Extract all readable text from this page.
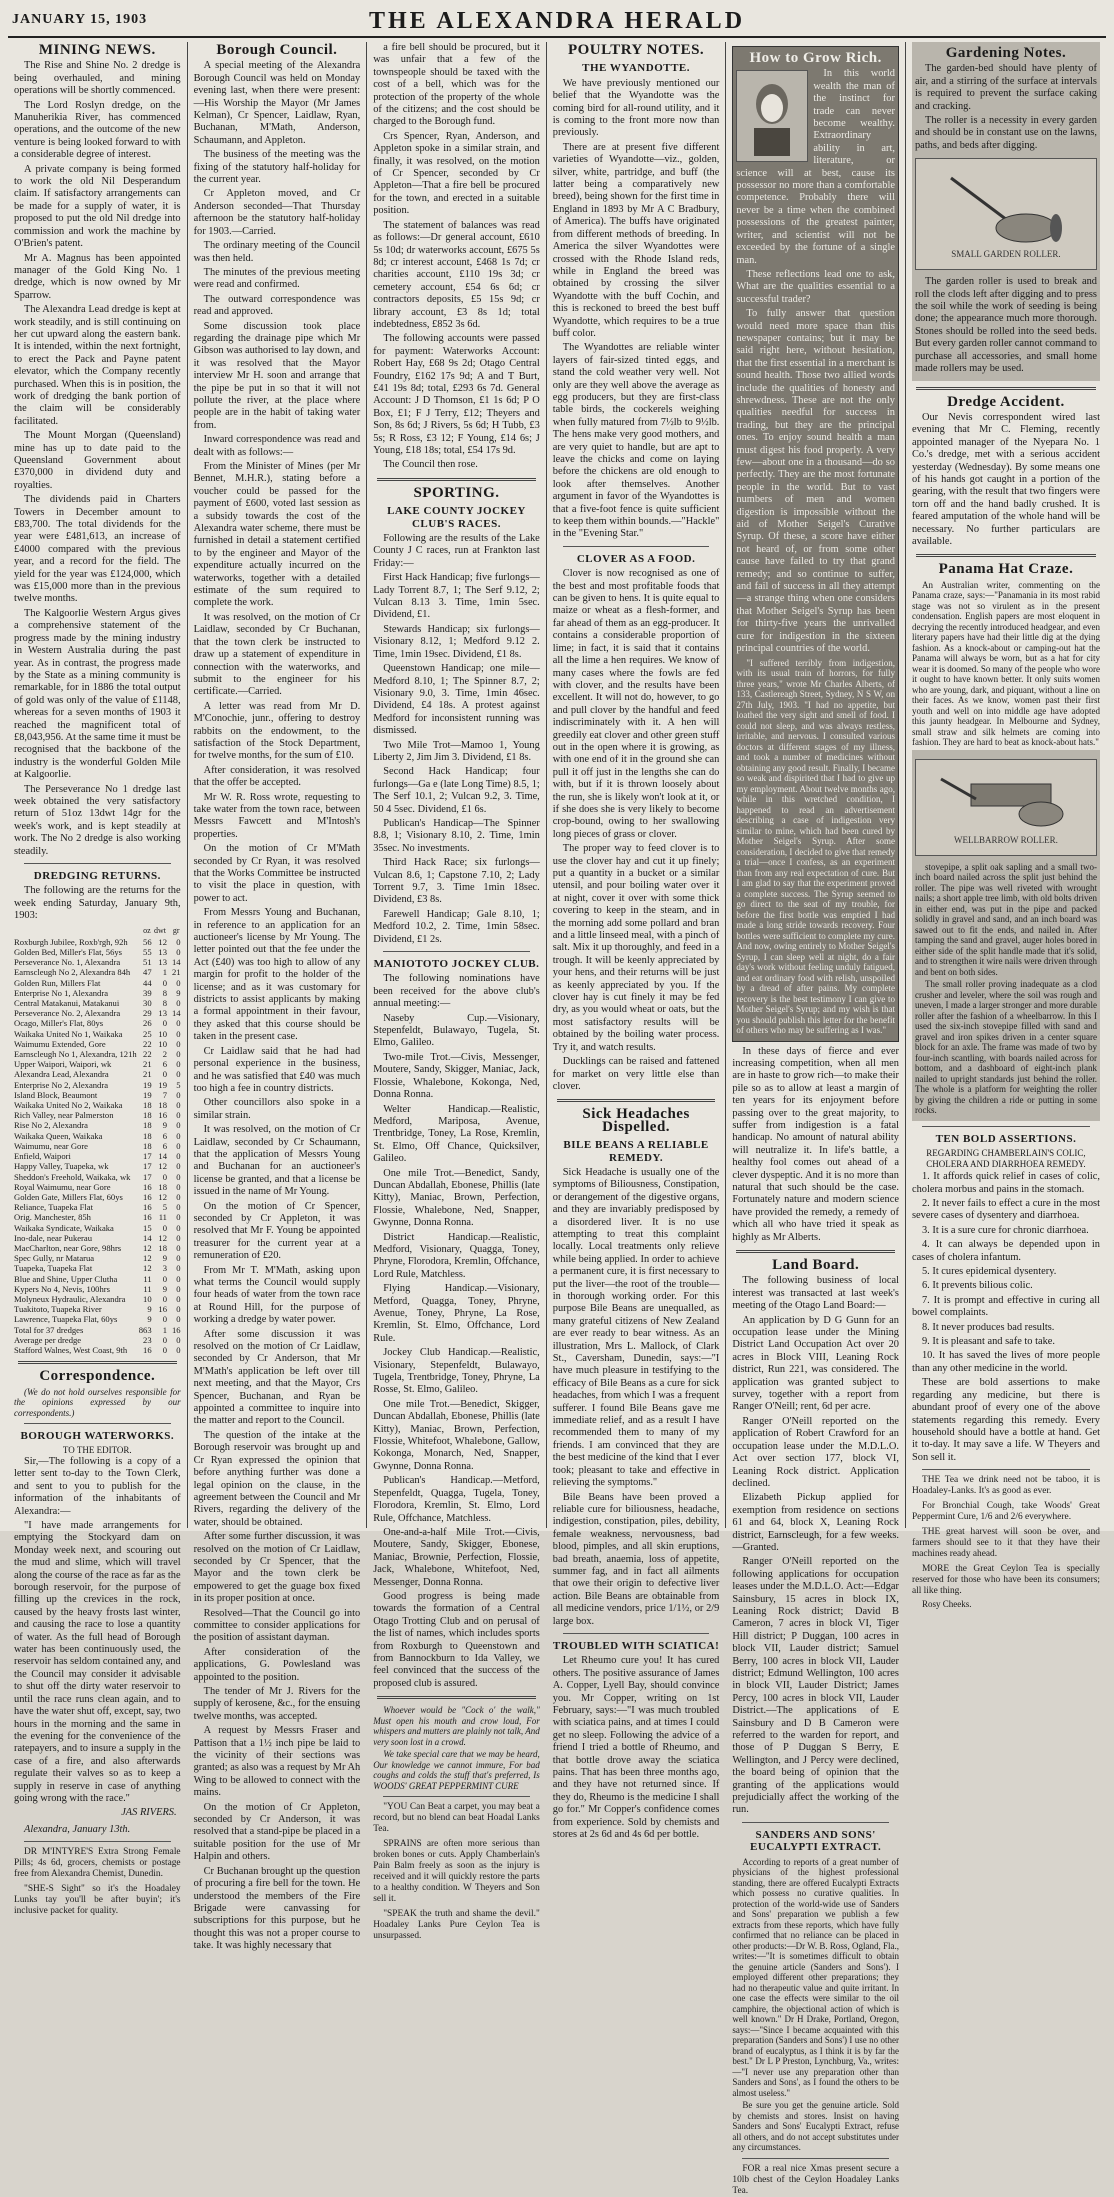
JANUARY 15, 1903	THE ALEXANDRA HERALD
MINING NEWS.

The Rise and Shine No. 2 dredge is being overhauled, and mining operations will be shortly commenced.

The Lord Roslyn dredge, on the Manuherikia River, has commenced operations, and the outcome of the new venture is being looked forward to with a considerable degree of interest.

A private company is being formed to work the old Nil Desperandum claim. If satisfactory arrangements can be made for a supply of water, it is proposed to put the old Nil dredge into commission and work the machine by O'Brien's patent.

Mr A. Magnus has been appointed manager of the Gold King No. 1 dredge, which is now owned by Mr Sparrow.

The Alexandra Lead dredge is kept at work steadily, and is still continuing on her cut upward along the eastern bank. It is intended, within the next fortnight, to erect the Pack and Payne patent elevator, which the Company recently purchased. When this is in position, the work of dredging the bank portion of the claim will be considerably facilitated.

The Mount Morgan (Queensland) mine has up to date paid to the Queensland Government about £370,000 in dividend duty and royalties.

The dividends paid in Charters Towers in December amount to £83,700. The total dividends for the year were £481,613, an increase of £4000 compared with the previous year, and a record for the field. The yield for the year was £124,000, which was £15,000 more than in the previous twelve months.

The Kalgoorlie Western Argus gives a comprehensive statement of the progress made by the mining industry in Western Australia during the past year. As in contrast, the progress made by the State as a mining community is remarkable, for in 1886 the total output of gold was only of the value of £1148, whereas for a seven months of 1903 it reached the magnificent total of £8,043,956. At the same time it must be recognised that the backbone of the industry is the wonderful Golden Mile at Kalgoorlie.

The Perseverance No 1 dredge last week obtained the very satisfactory return of 51oz 13dwt 14gr for the week's work, and is kept steadily at work. The No 2 dredge is also working steadily.

DREDGING RETURNS.

The following are the returns for the week ending Saturday, January 9th, 1903:

	oz	dwt	gr
Roxburgh Jubilee, Roxb'rgh, 92h	56	12	0
Golden Bed, Miller's Flat, 56ys	55	13	0
Perseverance No. 1, Alexandra	51	13	14
Earnscleugh No 2, Alexandra 84h	47	1	21
Golden Run, Millers Flat	44	0	0
Enterprise No 1, Alexandra	39	8	9
Central Matakanui, Matakanui	30	8	0
Perseverance No. 2, Alexandra	29	13	14
Ocago, Miller's Flat, 80ys	26	0	0
Waikaka United No 1, Waikaka	25	10	0
Waimumu Extended, Gore	22	10	0
Earnscleugh No 1, Alexandra, 121h	22	2	0
Upper Waipori, Waipori, wk	21	6	0
Alexandra Lead, Alexandra	21	0	0
Enterprise No 2, Alexandra	19	19	5
Island Block, Beaumont	19	7	0
Waikaka United No 2, Waikaka	18	18	0
Rich Valley, near Palmerston	18	16	0
Rise No 2, Alexandra	18	9	0
Waikaka Queen, Waikaka	18	6	0
Waimumu, near Gore	18	6	0
Enfield, Waipori	17	14	0
Happy Valley, Tuapeka, wk	17	12	0
Sheddon's Freehold, Waikaka, wk	17	0	0
Royal Waimumu, near Gore	16	18	0
Golden Gate, Millers Flat, 60ys	16	12	0
Reliance, Tuapeka Flat	16	5	0
Orig. Manchester, 85h	16	11	0
Waikaka Syndicate, Waikaka	15	0	0
Ino-dale, near Pukerau	14	12	0
MacCharlton, near Gore, 98hrs	12	18	0
Spec Gully, nr Matarua	12	9	0
Tuapeka, Tuapeka Flat	12	3	0
Blue and Shine, Upper Clutha	11	0	0
Kypers No 4, Nevis, 100hrs	11	9	0
Molyneux Hydraulic, Alexandra	10	0	0
Tuakitoto, Tuapeka River	9	16	0
Lawrence, Tuapeka Flat, 60ys	9	0	0
Total for 37 dredges	863	1	16
Average per dredge	23	0	0
Stafford Walnes, West Coast, 9th	16	0	0
Correspondence.

(We do not hold ourselves responsible for the opinions expressed by our correspondents.)

BOROUGH WATERWORKS.
TO THE EDITOR.

Sir,—The following is a copy of a letter sent to-day to the Town Clerk, and sent to you to publish for the information of the inhabitants of Alexandra:—

"I have made arrangements for emptying the Stockyard dam on Monday week next, and scouring out the mud and slime, which will travel along the course of the race as far as the borough reservoir, for the purpose of filling up the crevices in the rock, caused by the heavy frosts last winter, and causing the race to lose a quantity of water. As the full head of Borough water has been continuously used, the reservoir has seldom contained any, and the Council may consider it advisable to shut off the dirty water reservoir to until the race runs clean again, and to have the water shut off, except, say, two hours in the morning and the same in the evening for the convenience of the ratepayers, and to insure a supply in the case of a fire, and also afterwards regulate their valves so as to keep a supply in reserve in case of anything going wrong with the race."

JAS RIVERS.

Alexandra, January 13th.

DR M'INTYRE'S Extra Strong Female Pills; 4s 6d, grocers, chemists or postage free from Alexandra Chemist, Dunedin.

"SHE-S Sight" so it's the Hoadaley Lunks tay you'll be after buyin'; it's inclusive packet for quality.

Borough Council.

A special meeting of the Alexandra Borough Council was held on Monday evening last, when there were present:—His Worship the Mayor (Mr James Kelman), Cr Spencer, Laidlaw, Ryan, Buchanan, M'Math, Anderson, Schaumann, and Appleton.

The business of the meeting was the fixing of the statutory half-holiday for the current year.

Cr Appleton moved, and Cr Anderson seconded—That Thursday afternoon be the statutory half-holiday for 1903.—Carried.

The ordinary meeting of the Council was then held.

The minutes of the previous meeting were read and confirmed.

The outward correspondence was read and approved.

Some discussion took place regarding the drainage pipe which Mr Gibson was authorised to lay down, and it was resolved that the Mayor interview Mr H. soon and arrange that the pipe be put in so that it will not pollute the river, at the place where people are in the habit of taking water from.

Inward correspondence was read and dealt with as follows:—

From the Minister of Mines (per Mr Bennet, M.H.R.), stating before a voucher could be passed for the payment of £600, voted last session as a subsidy towards the cost of the Alexandra water scheme, there must be furnished in detail a statement certified to by the engineer and Mayor of the expenditure actually incurred on the waterworks, together with a detailed estimate of the sum required to complete the work.

It was resolved, on the motion of Cr Laidlaw, seconded by Cr Buchanan, that the town clerk be instructed to draw up a statement of expenditure in connection with the waterworks, and submit to the engineer for his certificate.—Carried.

A letter was read from Mr D. M'Conochie, junr., offering to destroy rabbits on the endowment, to the satisfaction of the Stock Department, for twelve months, for the sum of £10.

After consideration, it was resolved that the offer be accepted.

Mr W. R. Ross wrote, requesting to take water from the town race, between Messrs Fawcett and M'Intosh's properties.

On the motion of Cr M'Math seconded by Cr Ryan, it was resolved that the Works Committee be instructed to visit the place in question, with power to act.

From Messrs Young and Buchanan, in reference to an application for an auctioneer's license by Mr Young. The letter pointed out that the fee under the Act (£40) was too high to allow of any margin for profit to the holder of the license; and as it was customary for districts to assist applicants by making a formal appointment in their favour, they asked that this course should be taken in the present case.

Cr Laidlaw said that he had had personal experience in the business, and he was satisfied that £40 was much too high a fee in country districts.

Other councillors also spoke in a similar strain.

It was resolved, on the motion of Cr Laidlaw, seconded by Cr Schaumann, that the application of Messrs Young and Buchanan for an auctioneer's license be granted, and that a license be issued in the name of Mr Young.

On the motion of Cr Spencer, seconded by Cr Appleton, it was resolved that Mr F. Young be appointed treasurer for the current year at a remuneration of £20.

From Mr T. M'Math, asking upon what terms the Council would supply four heads of water from the town race at Round Hill, for the purpose of working a dredge by water power.

After some discussion it was resolved on the motion of Cr Laidlaw, seconded by Cr Anderson, that Mr M'Math's application be left over till next meeting, and that the Mayor, Crs Spencer, Buchanan, and Ryan be appointed a committee to inquire into the matter and report to the Council.

The question of the intake at the Borough reservoir was brought up and Cr Ryan expressed the opinion that before anything further was done a legal opinion on the clause, in the agreement between the Council and Mr Rivers, regarding the delivery of the water, should be obtained.

After some further discussion, it was resolved on the motion of Cr Laidlaw, seconded by Cr Spencer, that the Mayor and the town clerk be empowered to get the guage box fixed in its proper position at once.

Resolved—That the Council go into committee to consider applications for the position of assistant dayman.

After consideration of the applications, G. Powlesland was appointed to the position.

The tender of Mr J. Rivers for the supply of kerosene, &c., for the ensuing twelve months, was accepted.

A request by Messrs Fraser and Pattison that a 1½ inch pipe be laid to the vicinity of their sections was granted; as also was a request by Mr Ah Wing to be allowed to connect with the mains.

On the motion of Cr Appleton, seconded by Cr Anderson, it was resolved that a stand-pipe be placed in a suitable position for the use of Mr Halpin and others.

Cr Buchanan brought up the question of procuring a fire bell for the town. He understood the members of the Fire Brigade were canvassing for subscriptions for this purpose, but he thought this was not a proper course to take. It was highly necessary that

a fire bell should be procured, but it was unfair that a few of the townspeople should be taxed with the cost of a bell, which was for the protection of the property of the whole of the citizens; and the cost should be charged to the Borough fund.

Crs Spencer, Ryan, Anderson, and Appleton spoke in a similar strain, and finally, it was resolved, on the motion of Cr Spencer, seconded by Cr Appleton—That a fire bell be procured for the town, and erected in a suitable position.

The statement of balances was read as follows:—Dr general account, £610 5s 10d; dr waterworks account, £675 5s 8d; cr interest account, £468 1s 7d; cr charities account, £110 19s 3d; cr cemetery account, £54 6s 6d; cr contractors deposits, £5 15s 9d; cr library account, £3 8s 1d; total indebtedness, £852 3s 6d.

The following accounts were passed for payment: Waterworks Account: Robert Hay, £68 9s 2d; Otago Central Foundry, £162 17s 9d; A and T Burt, £41 19s 8d; total, £293 6s 7d. General Account: J D Thomson, £1 1s 6d; P O Box, £1; F J Terry, £12; Theyers and Son, 8s 6d; J Rivers, 5s 6d; H Tubb, £3 5s; R Ross, £3 12; F Young, £14 6s; J Young, £18 18s; total, £54 17s 9d.

The Council then rose.

SPORTING.
LAKE COUNTY JOCKEY CLUB'S RACES.

Following are the results of the Lake County J C races, run at Frankton last Friday:—

First Hack Handicap; five furlongs—Lady Torrent 8.7, 1; The Serf 9.12, 2; Vulcan 8.13 3. Time, 1min 5sec. Dividend, £1.

Stewards Handicap; six furlongs—Visionary 8.12, 1; Medford 9.12 2. Time, 1min 19sec. Dividend, £1 8s.

Queenstown Handicap; one mile—Medford 8.10, 1; The Spinner 8.7, 2; Visionary 9.0, 3. Time, 1min 46sec. Dividend, £4 18s. A protest against Medford for inconsistent running was dismissed.

Two Mile Trot—Mamoo 1, Young Liberty 2, Jim Jim 3. Dividend, £1 8s.

Second Hack Handicap; four furlongs—Ga e (late Long Time) 8.5, 1; The Serf 10.1, 2; Vulcan 9.2, 3. Time, 50 4 5sec. Dividend, £1 6s.

Publican's Handicap—The Spinner 8.8, 1; Visionary 8.10, 2. Time, 1min 35sec. No investments.

Third Hack Race; six furlongs—Vulcan 8.6, 1; Capstone 7.10, 2; Lady Torrent 9.7, 3. Time 1min 18sec. Dividend, £3 8s.

Farewell Handicap; Gale 8.10, 1; Medford 10.2, 2. Time, 1min 58sec. Dividend, £1 2s.

MANIOTOTO JOCKEY CLUB.

The following nominations have been received for the above club's annual meeting:—

Naseby Cup.—Visionary, Stepenfeldt, Bulawayo, Tugela, St. Elmo, Galileo.

Two-mile Trot.—Civis, Messenger, Moutere, Sandy, Skigger, Maniac, Jack, Flossie, Whalebone, Kokonga, Ned, Donna Ronna.

Welter Handicap.—Realistic, Medford, Mariposa, Avenue, Trentbridge, Toney, La Rose, Kremlin, St. Elmo, Off Chance, Quicksilver, Galileo.

One mile Trot.—Benedict, Sandy, Duncan Abdallah, Ebonese, Phillis (late Kitty), Maniac, Brown, Perfection, Flossie, Whalebone, Ned, Snapper, Gwynne, Donna Ronna.

District Handicap.—Realistic, Medford, Visionary, Quagga, Toney, Phryne, Florodora, Kremlin, Offchance, Lord Rule, Matchless.

Flying Handicap.—Visionary, Metford, Quagga, Toney, Phryne, Avenue, Toney, Phryne, La Rose, Kremlin, St. Elmo, Offchance, Lord Rule.

Jockey Club Handicap.—Realistic, Visionary, Stepenfeldt, Bulawayo, Tugela, Trentbridge, Toney, Phryne, La Rosse, St. Elmo, Galileo.

One mile Trot.—Benedict, Skigger, Duncan Abdallah, Ebonese, Phillis (late Kitty), Maniac, Brown, Perfection, Flossie, Whitefoot, Whalebone, Gallow, Kokonga, Monarch, Ned, Snapper, Gwynne, Donna Ronna.

Publican's Handicap.—Metford, Stepenfeldt, Quagga, Tugela, Toney, Florodora, Kremlin, St. Elmo, Lord Rule, Offchance, Matchless.

One-and-a-half Mile Trot.—Civis, Moutere, Sandy, Skigger, Ebonese, Maniac, Brownie, Perfection, Flossie, Jack, Whalebone, Whitefoot, Ned, Messenger, Donna Ronna.

Good progress is being made towards the formation of a Central Otago Trotting Club and on perusal of the list of names, which includes sports from Roxburgh to Queenstown and from Bannockburn to Ida Valley, we feel convinced that the success of the proposed club is assured.

Whoever would be "Cock o' the walk," Must open his mouth and crow loud, For whispers and mutters are plainly not talk, And very soon lost in a crowd.

We take special care that we may be heard, Our knowledge we cannot immure, For bad coughs and colds the stuff that's preferred, Is WOODS' GREAT PEPPERMINT CURE

"YOU Can Beat a carpet, you may beat a record, but no blend can beat Hoadal Lanks Tea.

SPRAINS are often more serious than broken bones or cuts. Apply Chamberlain's Pain Balm freely as soon as the injury is received and it will quickly restore the parts to a healthy condition. W Theyers and Son sell it.

"SPEAK the truth and shame the devil." Hoadaley Lanks Pure Ceylon Tea is unsurpassed.

POULTRY NOTES.
THE WYANDOTTE.

We have previously mentioned our belief that the Wyandotte was the coming bird for all-round utility, and it is coming to the front more now than previously.

There are at present five different varieties of Wyandotte—viz., golden, silver, white, partridge, and buff (the latter being a comparatively new breed), being shown for the first time in England in 1893 by Mr A C Bradbury, of America). The buffs have originated from different methods of breeding. In America the silver Wyandottes were crossed with the Rhode Island reds, while in England the breed was obtained by crossing the silver Wyandotte with the buff Cochin, and this is reckoned to breed the best buff Wyandotte, which requires to be a true buff color.

The Wyandottes are reliable winter layers of fair-sized tinted eggs, and stand the cold weather very well. Not only are they well above the average as egg producers, but they are first-class table birds, the cockerels weighing when fully matured from 7½lb to 9½lb. The hens make very good mothers, and are very quiet to handle, but are apt to leave the chicks and come on laying before the chickens are old enough to look after themselves. Another argument in favor of the Wyandottes is that a five-foot fence is quite sufficient to keep them within bounds.—"Hackle" in the "Evening Star."

CLOVER AS A FOOD.

Clover is now recognised as one of the best and most profitable foods that can be given to hens. It is quite equal to maize or wheat as a flesh-former, and far ahead of them as an egg-producer. It contains a considerable proportion of lime; in fact, it is said that it contains all the lime a hen requires. We know of many cases where the fowls are fed with clover, and the results have been excellent. It will not do, however, to go and pull clover by the handful and feed indiscriminately with it. A hen will greedily eat clover and other green stuff out in the open where it is growing, as with one end of it in the ground she can pull it off just in the lengths she can do with, but if it is thrown loosely about the run, she is likely won't look at it, or if she does she is very likely to become crop-bound, owing to her swallowing long pieces of grass or clover.

The proper way to feed clover is to use the clover hay and cut it up finely; put a quantity in a bucket or a similar utensil, and pour boiling water over it at night, cover it over with some thick covering to keep in the steam, and in the morning add some pollard and bran and a little linseed meal, with a pinch of salt. Mix it up thoroughly, and feed in a trough. It will be keenly appreciated by your hens, and their returns will be just as keenly appreciated by you. If the clover hay is cut finely it may be fed dry, as you would wheat or oats, but the most satisfactory results will be obtained by the boiling water process. Try it, and watch results.

Ducklings can be raised and fattened for market on very little else than clover.

Sick Headaches Dispelled.
BILE BEANS A RELIABLE REMEDY.

Sick Headache is usually one of the symptoms of Biliousness, Constipation, or derangement of the digestive organs, and they are invariably predisposed by a disordered liver. It is no use attempting to treat this complaint locally. Local treatments only relieve while being applied. In order to achieve a permanent cure, it is first necessary to put the liver—the root of the trouble—in thorough working order. For this purpose Bile Beans are unequalled, as many grateful citizens of New Zealand are ever ready to bear witness. As an illustration, Mrs L. Mallock, of Clark St., Caversham, Dunedin, says:—"I have much pleasure in testifying to the efficacy of Bile Beans as a cure for sick headaches, from which I was a frequent sufferer. I found Bile Beans gave me immediate relief, and as a result I have recommended them to many of my friends. I am convinced that they are the best medicine of the kind that I ever took; pleasant to take and effective in relieving the symptoms."

Bile Beans have been proved a reliable cure for biliousness, headache, indigestion, constipation, piles, debility, female weakness, nervousness, bad blood, pimples, and all skin eruptions, bad breath, anaemia, loss of appetite, summer fag, and in fact all ailments that owe their origin to defective liver action. Bile Beans are obtainable from all medicine vendors, price 1/1½, or 2/9 large box.

TROUBLED WITH SCIATICA!

Let Rheumo cure you! It has cured others. The positive assurance of James A. Copper, Lyell Bay, should convince you. Mr Copper, writing on 1st February, says:—"I was much troubled with sciatica pains, and at times I could get no sleep. Following the advice of a friend I tried a bottle of Rheumo, and that bottle drove away the sciatica pains. That has been three months ago, and they have not returned since. If they do, Rheumo is the medicine I shall go for." Mr Copper's confidence comes from experience. Sold by chemists and stores at 2s 6d and 4s 6d per bottle.

How to Grow Rich.

In this world wealth the man of the instinct for trade can never become wealthy. Extraordinary ability in art, literature, or science will at best, cause its possessor no more than a comfortable competence. Probably there will never be a time when the combined possessions of the greatest painter, writer, and scientist will not be exceeded by the fortune of a single man.

These reflections lead one to ask, What are the qualities essential to a successful trader?

To fully answer that question would need more space than this newspaper contains; but it may be said right here, without hesitation, that the first essential in a merchant is sound health. Those two allied words include the qualities of honesty and shrewdness. These are not the only qualities needful for success in trading, but they are the principal ones. To enjoy sound health a man must digest his food properly. A very few—about one in a thousand—do so perfectly. They are the most fortunate people in the world. But to vast numbers of men and women digestion is impossible without the aid of Mother Seigel's Curative Syrup. Of these, a score have either not heard of, or from some other cause have failed to try that grand remedy; and so continue to suffer, and fail of success in all they attempt—a strange thing when one considers that Mother Seigel's Syrup has been for thirty-five years the unrivalled cure for indigestion in the sixteen principal countries of the world.

"I suffered terribly from indigestion, with its usual train of horrors, for fully three years," wrote Mr Charles Alberts, of 133, Castlereagh Street, Sydney, N S W, on 27th July, 1903. "I had no appetite, but loathed the very sight and smell of food. I could not sleep, and was always restless, irritable, and nervous. I consulted various doctors at different stages of my illness, and took a number of medicines without obtaining any good result. Finally, I became so weak and dispirited that I had to give up my employment. About twelve months ago, while in this wretched condition, I happened to read an advertisement describing a case of indigestion very similar to mine, which had been cured by Mother Seigel's Syrup. After some consideration, I decided to give that remedy a trial—once I confess, as an experiment than from any real expectation of cure. But I am glad to say that the experiment proved a complete success. The Syrup seemed to go direct to the seat of my trouble, for before the first bottle was emptied I had made a long stride towards recovery. Four bottles were sufficient to complete my cure. And now, owing entirely to Mother Seigel's Syrup, I can sleep well at night, do a fair day's work without feeling unduly fatigued, and eat ordinary food with relish, unspoiled by a dread of after pains. My complete recovery is the best testimony I can give to Mother Seigel's Syrup; and my wish is that you should publish this letter for the benefit of others who may be suffering as I was."

In these days of fierce and ever increasing competition, when all men are in haste to grow rich—to make their pile so as to allow at least a margin of ten years for its enjoyment before passing over to the great majority, to suffer from indigestion is a fatal handicap. No amount of natural ability will neutralize it. In life's battle, a healthy fool comes out ahead of a clever dyspeptic. And it is no more than natural that such should be the case. Fortunately nature and modern science have provided the remedy, a remedy of which all who have tried it speak as highly as Mr Alberts.

Land Board.

The following business of local interest was transacted at last week's meeting of the Otago Land Board:—

An application by D G Gunn for an occupation lease under the Mining District Land Occupation Act over 20 acres in Block VIII, Leaning Rock district, Run 221, was considered. The application was granted subject to survey, together with a report from Ranger O'Neill; rent, 6d per acre.

Ranger O'Neill reported on the application of Robert Crawford for an occupation lease under the M.D.L.O. Act over section 177, block VI, Leaning Rock district. Application declined.

Elizabeth Pickup applied for exemption from residence on sections 61 and 64, block X, Leaning Rock district, Earnscleugh, for a few weeks.—Granted.

Ranger O'Neill reported on the following applications for occupation leases under the M.D.L.O. Act:—Edgar Sainsbury, 15 acres in block IX, Leaning Rock district; David B Cameron, 7 acres in block VI, Tiger Hill district; P Duggan, 100 acres in block VII, Lauder district; Samuel Berry, 100 acres in block VII, Lauder district; Edmund Wellington, 100 acres in block VII, Lauder District; James Percy, 100 acres in block VII, Lauder District.—The applications of E Sainsbury and D B Cameron were referred to the warden for report, and those of P Duggan S Berry, E Wellington, and J Percy were declined, the board being of opinion that the granting of the applications would prejudicially affect the working of the run.

SANDERS AND SONS' EUCALYPTI EXTRACT.

According to reports of a great number of physicians of the highest professional standing, there are offered Eucalypti Extracts which possess no curative qualities. In protection of the world-wide use of Sanders and Sons' preparation we publish a few extracts from these reports, which have fully confirmed that no reliance can be placed in other products:—Dr W. B. Ross, Ogland, Fla., writes:—"It is sometimes difficult to obtain the genuine article (Sanders and Sons'). I employed different other preparations; they had no therapeutic value and quite irritant. In one case the effects were similar to the oil camphire, the objectional action of which is well known." Dr H Drake, Portland, Oregon, says:—"Since I became acquainted with this preparation (Sanders and Sons') I use no other brand of eucalyptus, as I think it is by far the best." Dr L P Preston, Lynchburg, Va., writes:—"I never use any preparation other than Sanders and Sons', as I found the others to be almost useless."

Be sure you get the genuine article. Sold by chemists and stores. Insist on having Sanders and Sons' Eucalypti Extract, refuse all others, and do not accept substitutes under any circumstances.

FOR a real nice Xmas present secure a 10lb chest of the Ceylon Hoadaley Lanks Tea.

Gardening Notes.

The garden-bed should have plenty of air, and a stirring of the surface at intervals is required to prevent the surface caking and cracking.

The roller is a necessity in every garden and should be in constant use on the lawns, paths, and beds after digging.

SMALL GARDEN ROLLER.

The garden roller is used to break and roll the clods left after digging and to press the soil while the work of seeding is being done; the appearance much more thorough. Stones should be rolled into the seed beds. But every garden roller cannot command to purchase all accessories, and small home made rollers may be used.

Dredge Accident.

Our Nevis correspondent wired last evening that Mr C. Fleming, recently appointed manager of the Nyepara No. 1 Co.'s dredge, met with a serious accident yesterday (Wednesday). By some means one of his hands got caught in a portion of the gearing, with the result that two fingers were torn off and the hand badly crushed. It is feared amputation of the whole hand will be necessary. No further particulars are available.

Panama Hat Craze.

An Australian writer, commenting on the Panama craze, says:—"Panamania in its most rabid stage was not so virulent as in the present condensation. English papers are most eloquent in decrying the recently introduced headgear, and even literary papers have had their little dig at the dying fashion. As a knock-about or camping-out hat the Panama will always be worn, but as a hat for city wear it is doomed. So many of the people who wore it ought to have known better. It only suits women who are young, dark, and piquant, without a line on their faces. As we know, women past their first youth and well on into middle age have adopted this jaunty headgear. In Melbourne and Sydney, small straw and silk helmets are coming into fashion. They are hard to beat as knock-about hats."

WELLBARROW ROLLER.

stovepipe, a split oak sapling and a small two-inch board nailed across the split just behind the roller. The pipe was well riveted with wrought nails; a short apple tree limb, with old bolts driven in either end, was put in the pipe and packed solidly in gravel and sand, and an inch board was sawed out to fit the ends, and nailed in. After tamping the sand and gravel, auger holes bored in either side of the split handle made that it's solid, and to strengthen it wire nails were driven through and bent on both sides.

The small roller proving inadequate as a clod crusher and leveler, where the soil was rough and uneven, I made a larger stronger and more durable roller after the fashion of a wheelbarrow. In this I used the six-inch stovepipe filled with sand and gravel and iron spikes driven in a center square block for an axle. The frame was made of two by four-inch scantling, with boards nailed across for bottom, and a dashboard of eight-inch plank nailed to upright standards just behind the roller. The whole is a platform for weighting the roller by giving the children a ride or putting in some rocks.

TEN BOLD ASSERTIONS.

REGARDING CHAMBERLAIN'S COLIC, CHOLERA AND DIARRHOEA REMEDY.

1. It affords quick relief in cases of colic, cholera morbus and pains in the stomach.

2. It never fails to effect a cure in the most severe cases of dysentery and diarrhoea.

3. It is a sure cure for chronic diarrhoea.

4. It can always be depended upon in cases of cholera infantum.

5. It cures epidemical dysentery.

6. It prevents bilious colic.

7. It is prompt and effective in curing all bowel complaints.

8. It never produces bad results.

9. It is pleasant and safe to take.

10. It has saved the lives of more people than any other medicine in the world.

These are bold assertions to make regarding any medicine, but there is abundant proof of every one of the above statements regarding this remedy. Every household should have a bottle at hand. Get it to-day. It may save a life. W Theyers and Son sell it.

THE Tea we drink need not be taboo, it is Hoadaley-Lanks. It's as good as ever.

For Bronchial Cough, take Woods' Great Peppermint Cure, 1/6 and 2/6 everywhere.

THE great harvest will soon be over, and farmers should see to it that they have their machines ready ahead.

MORE the Great Ceylon Tea is specially reserved for those who have been its consumers; all like thing.

Rosy Cheeks.
